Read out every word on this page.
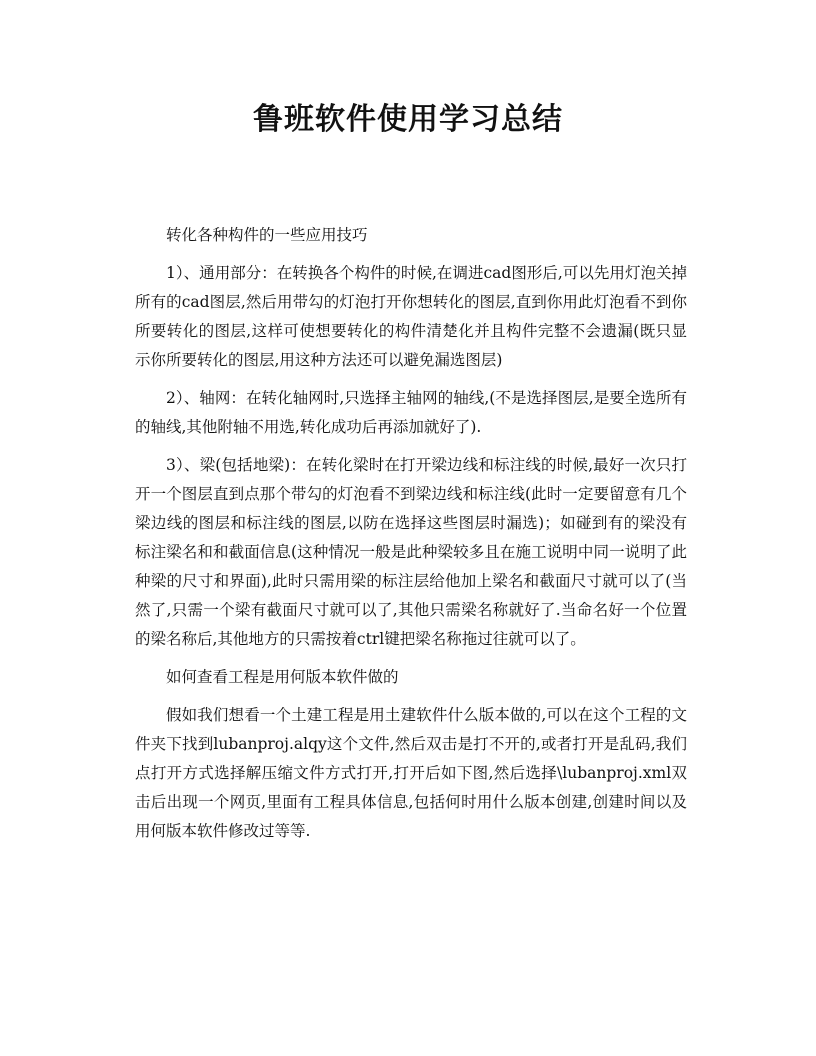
鲁班软件使用学习总结

转化各种构件的一些应用技巧

1）、通用部分：在转换各个构件的时候,在调进cad图形后,可以先用灯泡关掉所有的cad图层,然后用带勾的灯泡打开你想转化的图层,直到你用此灯泡看不到你所要转化的图层,这样可使想要转化的构件清楚化并且构件完整不会遗漏(既只显示你所要转化的图层,用这种方法还可以避免漏选图层)

2）、轴网：在转化轴网时,只选择主轴网的轴线,(不是选择图层,是要全选所有的轴线,其他附轴不用选,转化成功后再添加就好了).

3）、梁(包括地梁)：在转化梁时在打开梁边线和标注线的时候,最好一次只打开一个图层直到点那个带勾的灯泡看不到梁边线和标注线(此时一定要留意有几个梁边线的图层和标注线的图层,以防在选择这些图层时漏选)；如碰到有的梁没有标注梁名和和截面信息(这种情况一般是此种梁较多且在施工说明中同一说明了此种梁的尺寸和界面),此时只需用梁的标注层给他加上梁名和截面尺寸就可以了(当然了,只需一个梁有截面尺寸就可以了,其他只需梁名称就好了.当命名好一个位置的梁名称后,其他地方的只需按着ctrl键把梁名称拖过往就可以了。

如何查看工程是用何版本软件做的

假如我们想看一个土建工程是用土建软件什么版本做的,可以在这个工程的文件夹下找到lubanproj.alqy这个文件,然后双击是打不开的,或者打开是乱码,我们点打开方式选择解压缩文件方式打开,打开后如下图,然后选择\lubanproj.xml双击后出现一个网页,里面有工程具体信息,包括何时用什么版本创建,创建时间以及用何版本软件修改过等等.
